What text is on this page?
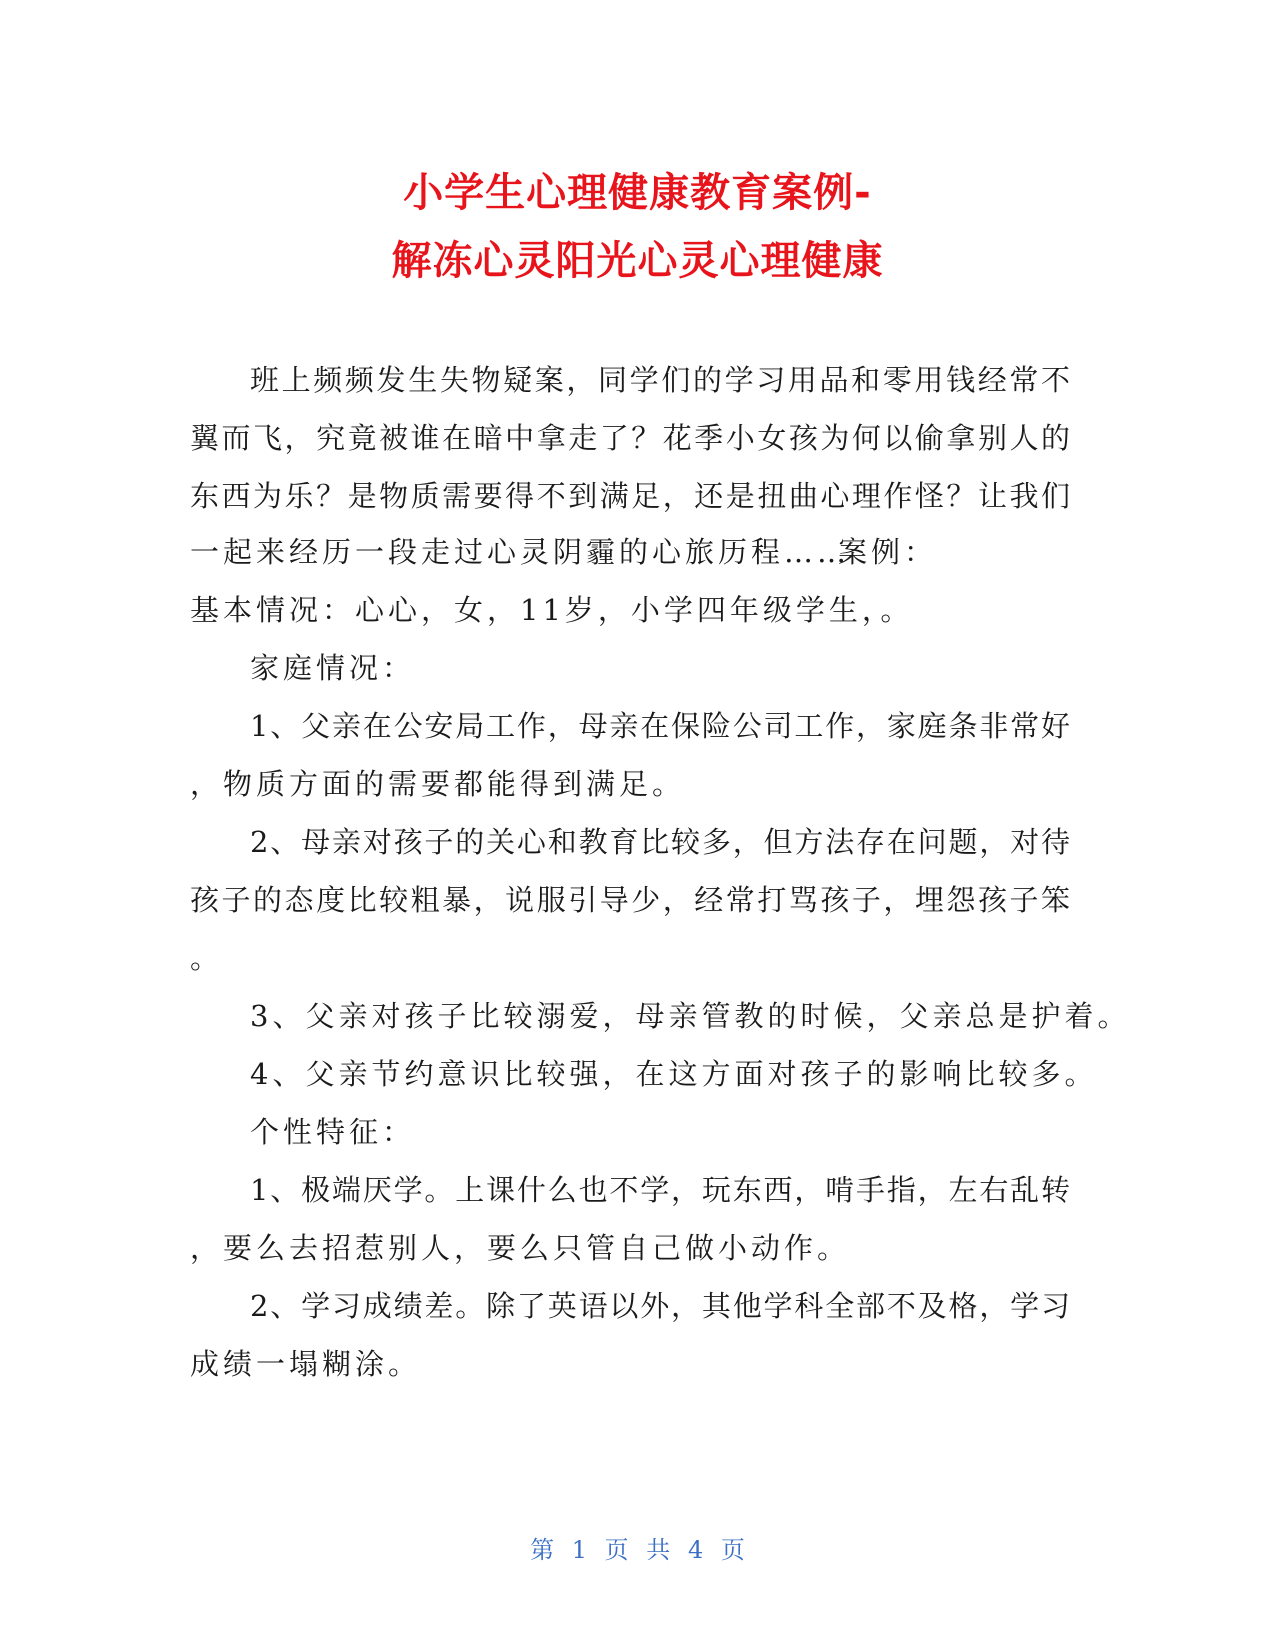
小学生心理健康教育案例-
解冻心灵阳光心灵心理健康
班上频频发生失物疑案，同学们的学习用品和零用钱经常不
翼而飞，究竟被谁在暗中拿走了？花季小女孩为何以偷拿别人的
东西为乐？是物质需要得不到满足，还是扭曲心理作怪？让我们
一起来经历一段走过心灵阴霾的心旅历程……
案例：
基本情况：心心，女，11岁，小学四年级学生，。
家庭情况：
1、父亲在公安局工作，母亲在保险公司工作，家庭条非常好
，物质方面的需要都能得到满足。
2、母亲对孩子的关心和教育比较多，但方法存在问题，对待
孩子的态度比较粗暴，说服引导少，经常打骂孩子，埋怨孩子笨
。
3、父亲对孩子比较溺爱，母亲管教的时候，父亲总是护着。
4、父亲节约意识比较强，在这方面对孩子的影响比较多。
个性特征：
1、极端厌学。上课什么也不学，玩东西，啃手指，左右乱转
，要么去招惹别人，要么只管自己做小动作。
2、学习成绩差。除了英语以外，其他学科全部不及格，学习
成绩一塌糊涂。
第 1 页 共 4 页
